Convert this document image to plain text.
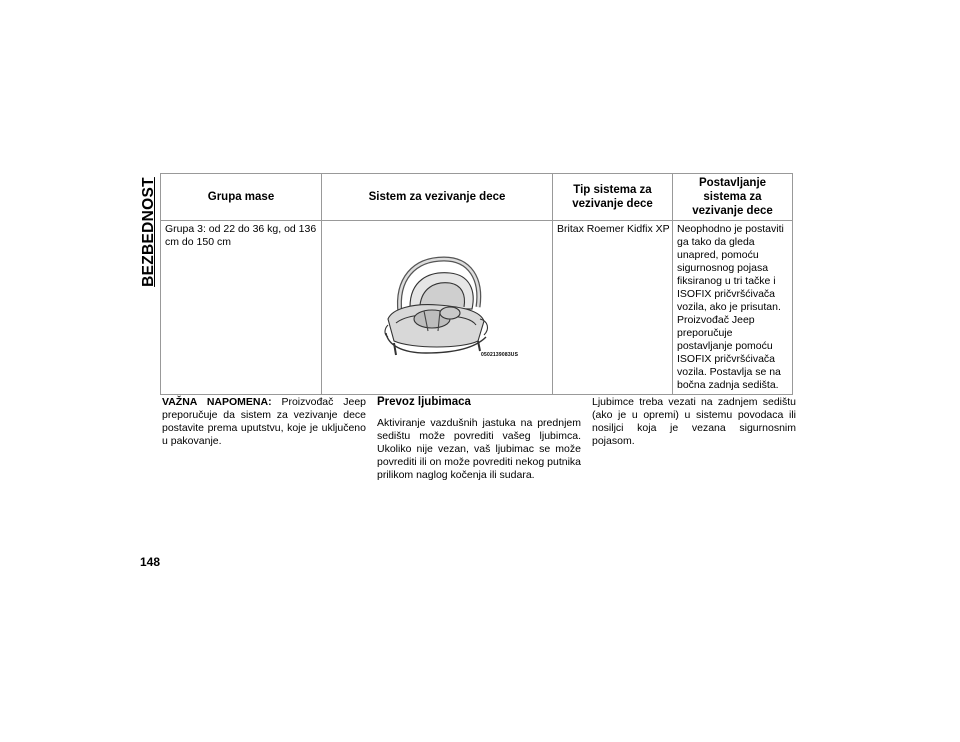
BEZBEDNOST	Grupa mase	Sistem za vezivanje dece	Tip sistema za vezivanje dece	Postavljanje sistema za vezivanje dece
Grupa 3: od 22 do 36 kg, od 136 cm do 150 cm	0502139083US	Britax Roemer Kidfix XP	Neophodno je postaviti ga tako da gleda unapred, pomoću sigurnosnog pojasa fiksiranog u tri tačke i ISOFIX pričvršćivača vozila, ako je prisutan. Proizvođač Jeep preporučuje postavljanje pomoću ISOFIX pričvršćivača vozila. Postavlja se na bočna zadnja sedišta.

VAŽNA NAPOMENA: Proizvođač Jeep preporučuje da sistem za vezivanje dece postavite prema uputstvu, koje je uključeno u pakovanje.

Prevoz ljubimaca

Aktiviranje vazdušnih jastuka na prednjem sedištu može povrediti vašeg ljubimca. Ukoliko nije vezan, vaš ljubimac se može povrediti ili on može povrediti nekog putnika prilikom naglog kočenja ili sudara.

Ljubimce treba vezati na zadnjem sedištu (ako je u opremi) u sistemu povodaca ili nosiljci koja je vezana sigurnosnim pojasom.

148
